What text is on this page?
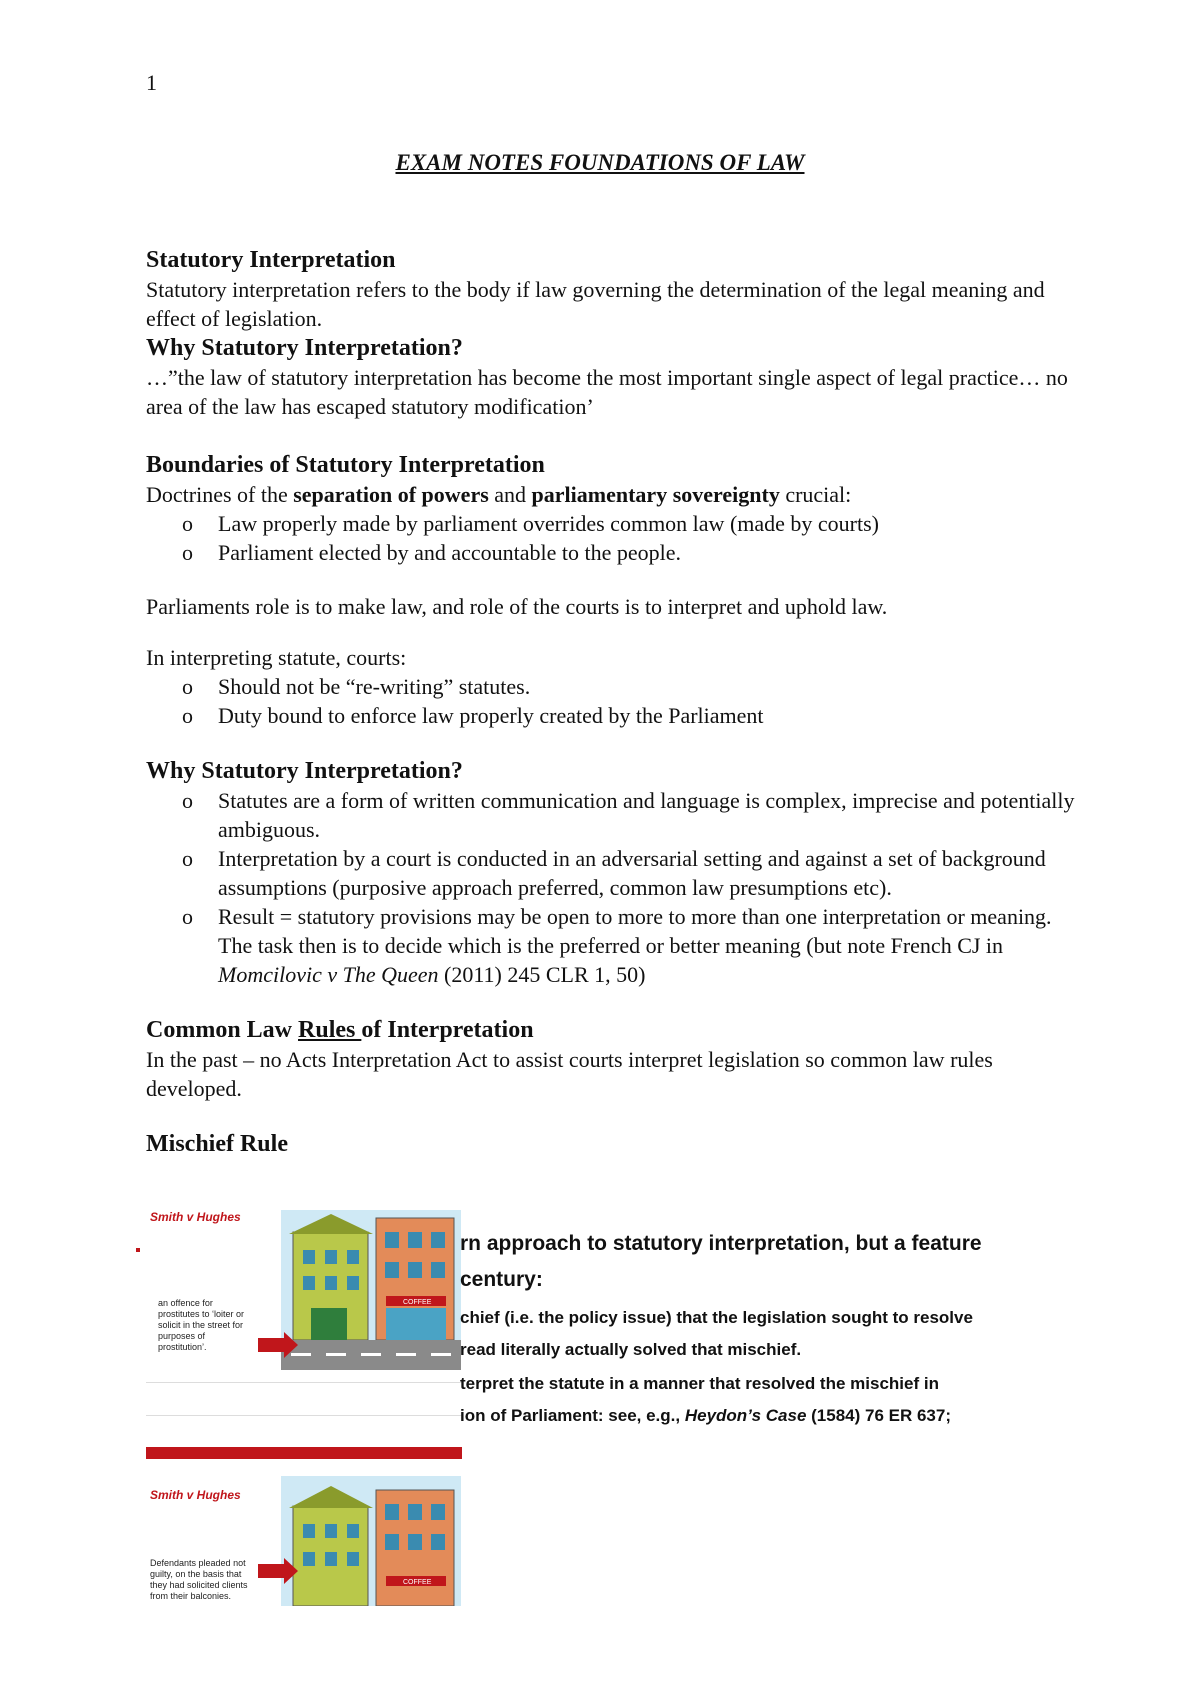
1
EXAM NOTES FOUNDATIONS OF LAW
Statutory Interpretation

Statutory interpretation refers to the body if law governing the determination of the legal meaning and effect of legislation.

Why Statutory Interpretation?

…”the law of statutory interpretation has become the most important single aspect of legal practice… no area of the law has escaped statutory modification’

Boundaries of Statutory Interpretation

Doctrines of the separation of powers and parliamentary sovereignty crucial:

o Law properly made by parliament overrides common law (made by courts)
o Parliament elected by and accountable to the people.

Parliaments role is to make law, and role of the courts is to interpret and uphold law.

In interpreting statute, courts:

o Should not be “re-writing” statutes.
o Duty bound to enforce law properly created by the Parliament
Why Statutory Interpretation?
o Statutes are a form of written communication and language is complex, imprecise and potentially ambiguous.
o Interpretation by a court is conducted in an adversarial setting and against a set of background assumptions (purposive approach preferred, common law presumptions etc).
o Result = statutory provisions may be open to more to more than one interpretation or meaning. The task then is to decide which is the preferred or better meaning (but note French CJ in Momcilovic v The Queen (2011) 245 CLR 1, 50)
Common Law Rules of Interpretation

In the past – no Acts Interpretation Act to assist courts interpret legislation so common law rules developed.

Mischief Rule
Smith v Hughes
an offence for
prostitutes to ‘loiter or
solicit in the street for
purposes of
prostitution’.
COFFEE
rn approach to statutory interpretation, but a feature
century:
chief (i.e. the policy issue) that the legislation sought to resolve
read literally actually solved that mischief.
terpret the statute in a manner that resolved the mischief in
ion of Parliament: see, e.g., Heydon’s Case (1584) 76 ER 637;
Smith v Hughes
Defendants pleaded not
guilty, on the basis that
they had solicited clients
from their balconies.
COFFEE
